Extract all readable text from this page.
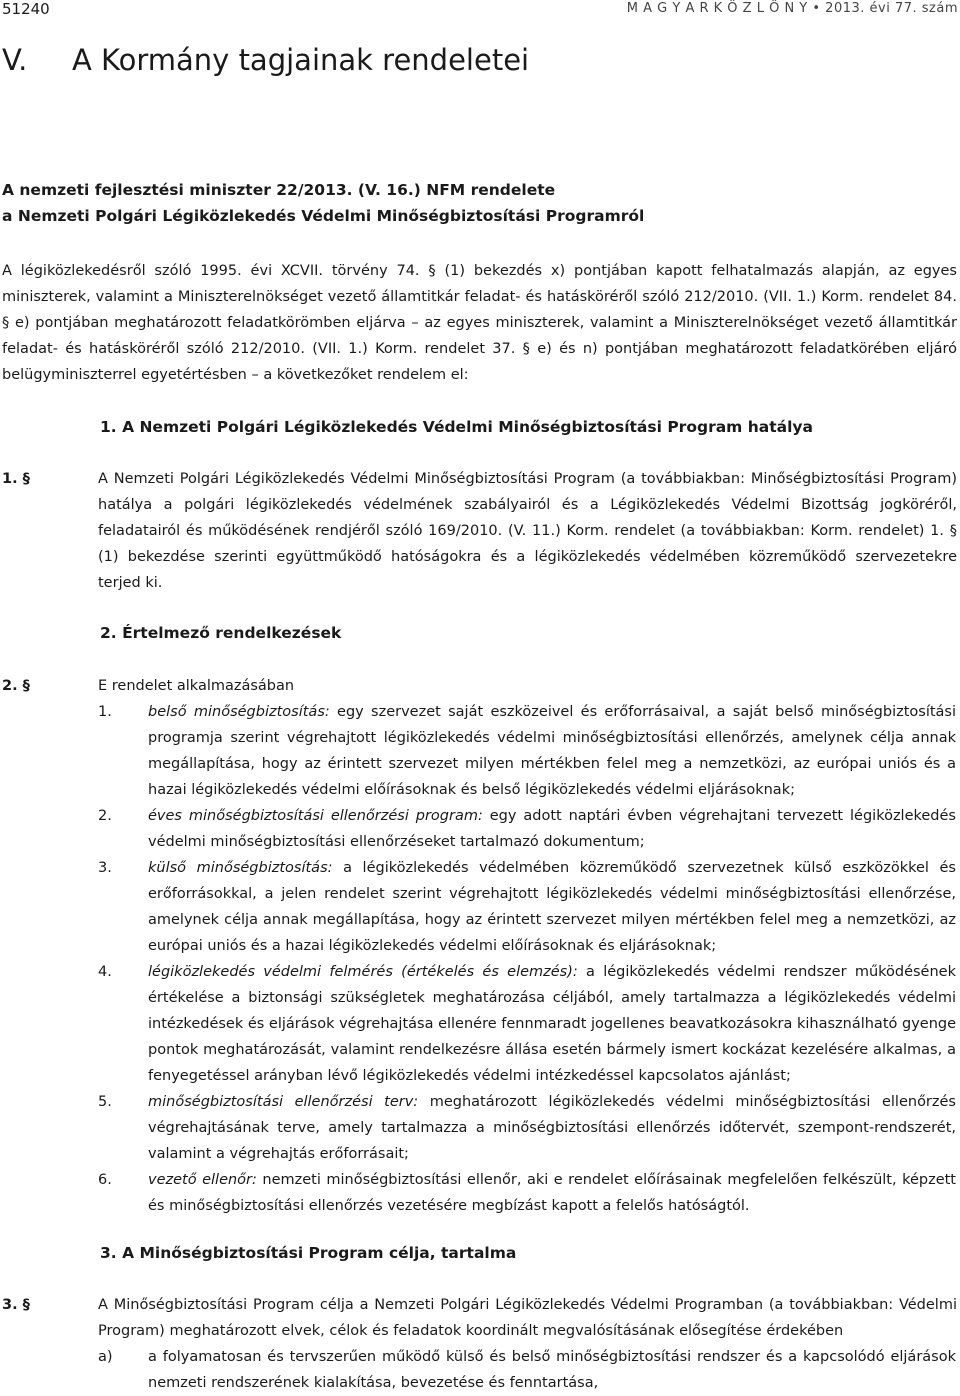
51240	M A G Y A R K Ö Z L Ö N Y • 2013. évi 77. szám
V. A Kormány tagjainak rendeletei
A nemzeti fejlesztési miniszter 22/2013. (V. 16.) NFM rendelete
a Nemzeti Polgári Légiközlekedés Védelmi Minőségbiztosítási Programról

A légiközlekedésről szóló 1995. évi XCVII. törvény 74. § (1) bekezdés x) pontjában kapott felhatalmazás alapján, az egyes miniszterek, valamint a Miniszterelnökséget vezető államtitkár feladat- és hatásköréről szóló 212/2010. (VII. 1.) Korm. rendelet 84. § e) pontjában meghatározott feladatkörömben eljárva – az egyes miniszterek, valamint a Miniszterelnökséget vezető államtitkár feladat- és hatásköréről szóló 212/2010. (VII. 1.) Korm. rendelet 37. § e) és n) pontjában meghatározott feladatkörében eljáró belügyminiszterrel egyetértésben – a következőket rendelem el:

1. A Nemzeti Polgári Légiközlekedés Védelmi Minőségbiztosítási Program hatálya
1. §	A Nemzeti Polgári Légiközlekedés Védelmi Minőségbiztosítási Program (a továbbiakban: Minőségbiztosítási Program) hatálya a polgári légiközlekedés védelmének szabályairól és a Légiközlekedés Védelmi Bizottság jogköréről, feladatairól és működésének rendjéről szóló 169/2010. (V. 11.) Korm. rendelet (a továbbiakban: Korm. rendelet) 1. § (1) bekezdése szerinti együttműködő hatóságokra és a légiközlekedés védelmében közreműködő szervezetekre terjed ki.
2. Értelmező rendelkezések
2. §	E rendelet alkalmazásában
1. belső minőségbiztosítás: egy szervezet saját eszközeivel és erőforrásaival, a saját belső minőségbiztosítási programja szerint végrehajtott légiközlekedés védelmi minőségbiztosítási ellenőrzés, amelynek célja annak megállapítása, hogy az érintett szervezet milyen mértékben felel meg a nemzetközi, az európai uniós és a hazai légiközlekedés védelmi előírásoknak és belső légiközlekedés védelmi eljárásoknak;
2. éves minőségbiztosítási ellenőrzési program: egy adott naptári évben végrehajtani tervezett légiközlekedés védelmi minőségbiztosítási ellenőrzéseket tartalmazó dokumentum;
3. külső minőségbiztosítás: a légiközlekedés védelmében közreműködő szervezetnek külső eszközökkel és erőforrásokkal, a jelen rendelet szerint végrehajtott légiközlekedés védelmi minőségbiztosítási ellenőrzése, amelynek célja annak megállapítása, hogy az érintett szervezet milyen mértékben felel meg a nemzetközi, az európai uniós és a hazai légiközlekedés védelmi előírásoknak és eljárásoknak;
4. légiközlekedés védelmi felmérés (értékelés és elemzés): a légiközlekedés védelmi rendszer működésének értékelése a biztonsági szükségletek meghatározása céljából, amely tartalmazza a légiközlekedés védelmi intézkedések és eljárások végrehajtása ellenére fennmaradt jogellenes beavatkozásokra kihasználható gyenge pontok meghatározását, valamint rendelkezésre állása esetén bármely ismert kockázat kezelésére alkalmas, a fenyegetéssel arányban lévő légiközlekedés védelmi intézkedéssel kapcsolatos ajánlást;
5. minőségbiztosítási ellenőrzési terv: meghatározott légiközlekedés védelmi minőségbiztosítási ellenőrzés végrehajtásának terve, amely tartalmazza a minőségbiztosítási ellenőrzés időtervét, szempont-rendszerét, valamint a végrehajtás erőforrásait;
6. vezető ellenőr: nemzeti minőségbiztosítási ellenőr, aki e rendelet előírásainak megfelelően felkészült, képzett és minőségbiztosítási ellenőrzés vezetésére megbízást kapott a felelős hatóságtól.
3. A Minőségbiztosítási Program célja, tartalma
3. §	A Minőségbiztosítási Program célja a Nemzeti Polgári Légiközlekedés Védelmi Programban (a továbbiakban: Védelmi Program) meghatározott elvek, célok és feladatok koordinált megvalósításának elősegítése érdekében
a) a folyamatosan és tervszerűen működő külső és belső minőségbiztosítási rendszer és a kapcsolódó eljárások nemzeti rendszerének kialakítása, bevezetése és fenntartása,
